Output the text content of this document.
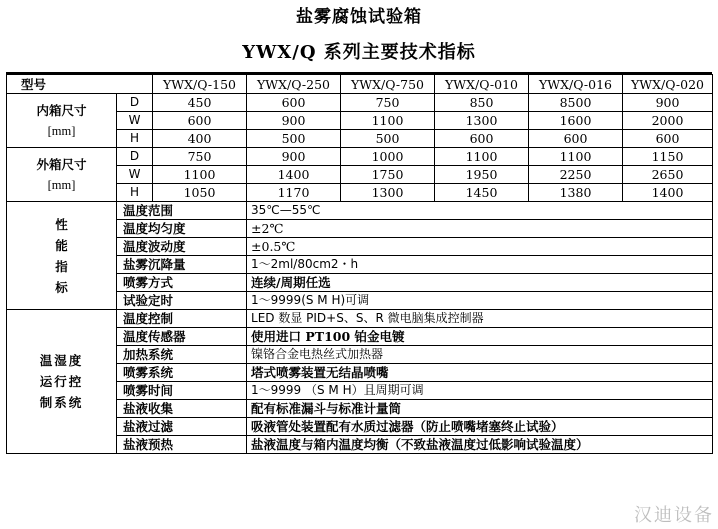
盐雾腐蚀试验箱
YWX/Q 系列主要技术指标
型号		YWX/Q-150	YWX/Q-250	YWX/Q-750	YWX/Q-010	YWX/Q-016	YWX/Q-020

内箱尺寸
[mm]	D	450	600	750	850	8500	900
	W	600	900	1100	1300	1600	2000
	H	400	500	500	600	600	600

外箱尺寸
[mm]	D	750	900	1000	1100	1100	1150
	W	1100	1400	1750	1950	2250	2650
	H	1050	1170	1300	1450	1380	1400

性能指标	温度范围		35℃—55℃				
	温度均匀度		±2℃				
	温度波动度		±0.5℃				
	盐雾沉降量		1～2ml/80cm2・h				
	喷雾方式		连续/周期任选				
	试验定时		1～9999(S M H)可调				

温湿度运行控制系统	温度控制		LED 数显 PID+S、S、R 微电脑集成控制器				
	温度传感器		使用进口 PT100 铂金电镀				
	加热系统		镍铬合金电热丝式加热器				
	喷雾系统		塔式喷雾装置无结晶喷嘴				
	喷雾时间		1～9999 （S M H）且周期可调				
	盐液收集		配有标准漏斗与标准计量筒				
	盐液过滤		吸液管处装置配有水质过滤器（防止喷嘴堵塞终止试验）				
	盐液预热		盐液温度与箱内温度均衡（不致盐液温度过低影响试验温度）				
汉迪设备
